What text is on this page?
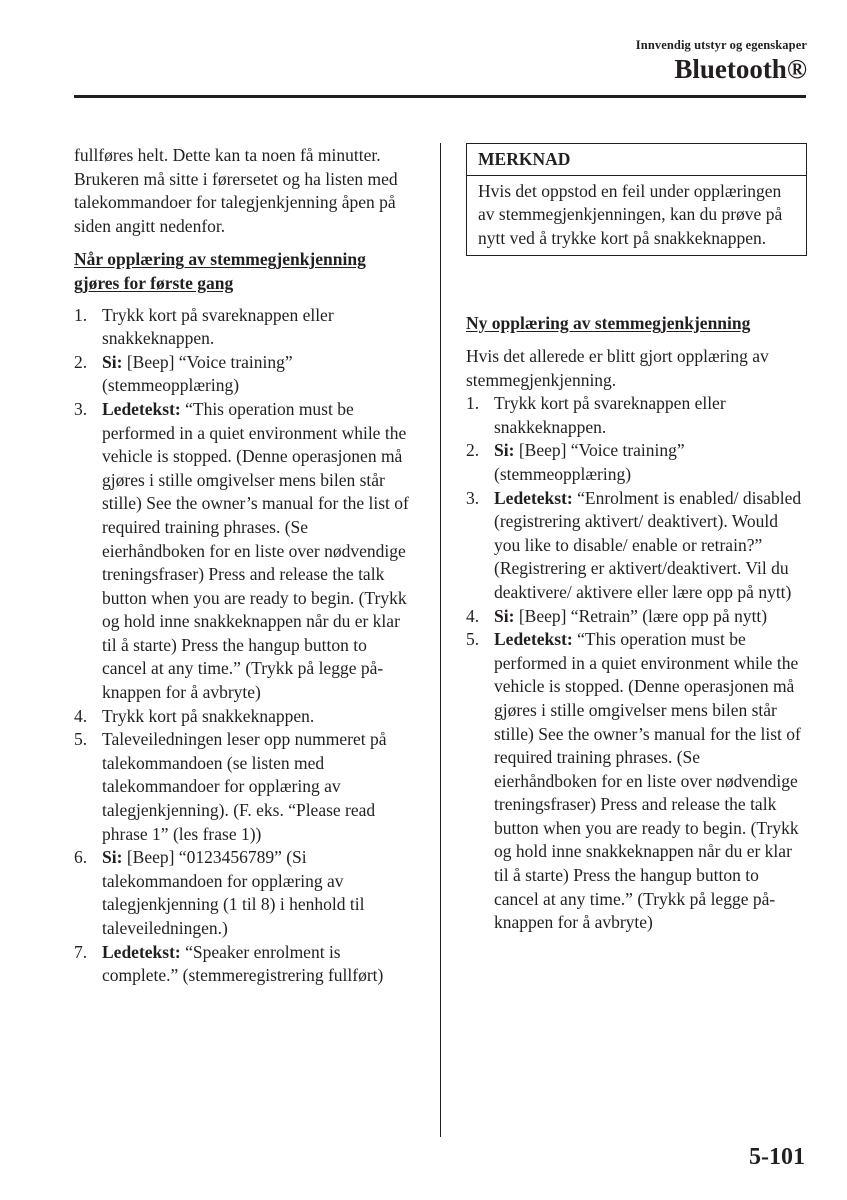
Innvendig utstyr og egenskaper
Bluetooth®

fullføres helt. Dette kan ta noen få minutter. Brukeren må sitte i førersetet og ha listen med talekommandoer for talegjenkjenning åpen på siden angitt nedenfor.

Når opplæring av stemmegjenkjenning gjøres for første gang

1. Trykk kort på svareknappen eller snakkeknappen.
2. Si: [Beep] “Voice training” (stemmeopplæring)
3. Ledetekst: “This operation must be performed in a quiet environment while the vehicle is stopped. (Denne operasjonen må gjøres i stille omgivelser mens bilen står stille) See the owner’s manual for the list of required training phrases. (Se eierhåndboken for en liste over nødvendige treningsfraser) Press and release the talk button when you are ready to begin. (Trykk og hold inne snakkeknappen når du er klar til å starte) Press the hangup button to cancel at any time.” (Trykk på legge på-knappen for å avbryte)
4. Trykk kort på snakkeknappen.
5. Taleveiledningen leser opp nummeret på talekommandoen (se listen med talekommandoer for opplæring av talegjenkjenning). (F. eks. “Please read phrase 1” (les frase 1))
6. Si: [Beep] “0123456789” (Si talekommandoen for opplæring av talegjenkjenning (1 til 8) i henhold til taleveiledningen.)
7. Ledetekst: “Speaker enrolment is complete.” (stemmeregistrering fullført)
MERKNAD
Hvis det oppstod en feil under opplæringen av stemmegjenkjenningen, kan du prøve på nytt ved å trykke kort på snakkeknappen.
Ny opplæring av stemmegjenkjenning

Hvis det allerede er blitt gjort opplæring av stemmegjenkjenning.

1. Trykk kort på svareknappen eller snakkeknappen.
2. Si: [Beep] “Voice training” (stemmeopplæring)
3. Ledetekst: “Enrolment is enabled/ disabled (registrering aktivert/ deaktivert). Would you like to disable/ enable or retrain?” (Registrering er aktivert/deaktivert. Vil du deaktivere/ aktivere eller lære opp på nytt)
4. Si: [Beep] “Retrain” (lære opp på nytt)
5. Ledetekst: “This operation must be performed in a quiet environment while the vehicle is stopped. (Denne operasjonen må gjøres i stille omgivelser mens bilen står stille) See the owner’s manual for the list of required training phrases. (Se eierhåndboken for en liste over nødvendige treningsfraser) Press and release the talk button when you are ready to begin. (Trykk og hold inne snakkeknappen når du er klar til å starte) Press the hangup button to cancel at any time.” (Trykk på legge på-knappen for å avbryte)
5-101
